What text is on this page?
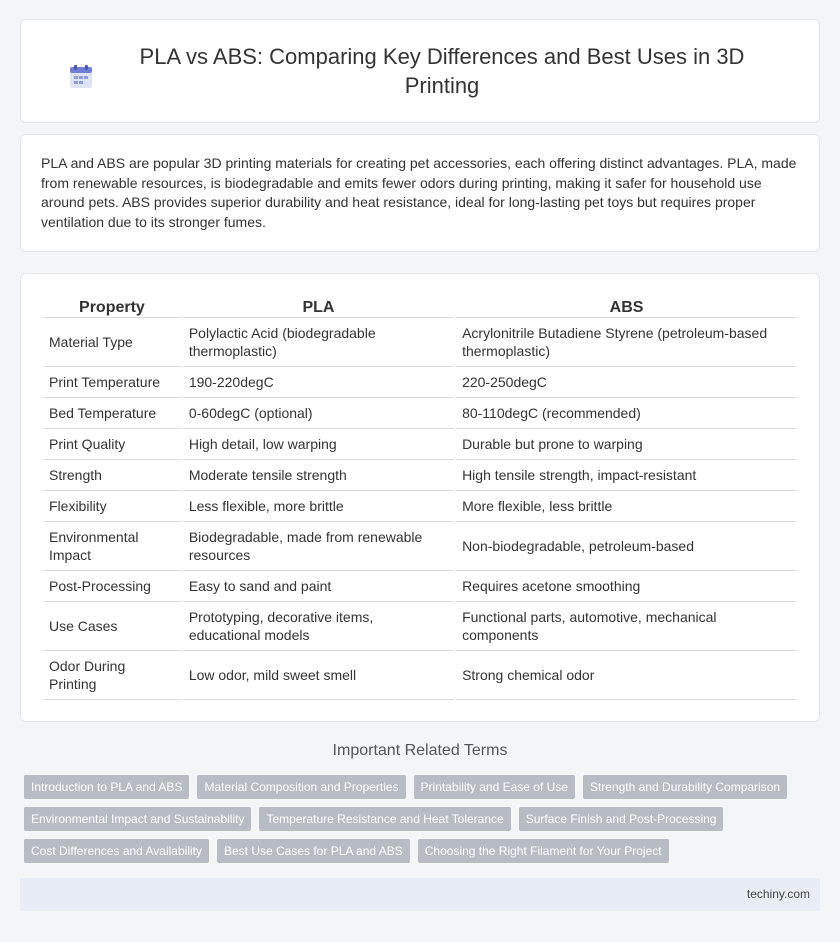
PLA vs ABS: Comparing Key Differences and Best Uses in 3D Printing

PLA and ABS are popular 3D printing materials for creating pet accessories, each offering distinct advantages. PLA, made from renewable resources, is biodegradable and emits fewer odors during printing, making it safer for household use around pets. ABS provides superior durability and heat resistance, ideal for long-lasting pet toys but requires proper ventilation due to its stronger fumes.

Property	PLA	ABS
Material Type	Polylactic Acid (biodegradable thermoplastic)	Acrylonitrile Butadiene Styrene (petroleum-based thermoplastic)
Print Temperature	190-220degC	220-250degC
Bed Temperature	0-60degC (optional)	80-110degC (recommended)
Print Quality	High detail, low warping	Durable but prone to warping
Strength	Moderate tensile strength	High tensile strength, impact-resistant
Flexibility	Less flexible, more brittle	More flexible, less brittle
Environmental Impact	Biodegradable, made from renewable resources	Non-biodegradable, petroleum-based
Post-Processing	Easy to sand and paint	Requires acetone smoothing
Use Cases	Prototyping, decorative items, educational models	Functional parts, automotive, mechanical components
Odor During Printing	Low odor, mild sweet smell	Strong chemical odor
Important Related Terms
Introduction to PLA and ABS	Material Composition and Properties	Printability and Ease of Use	Strength and Durability Comparison
Environmental Impact and Sustainability	Temperature Resistance and Heat Tolerance	Surface Finish and Post-Processing
Cost Differences and Availability	Best Use Cases for PLA and ABS	Choosing the Right Filament for Your Project
techiny.com
